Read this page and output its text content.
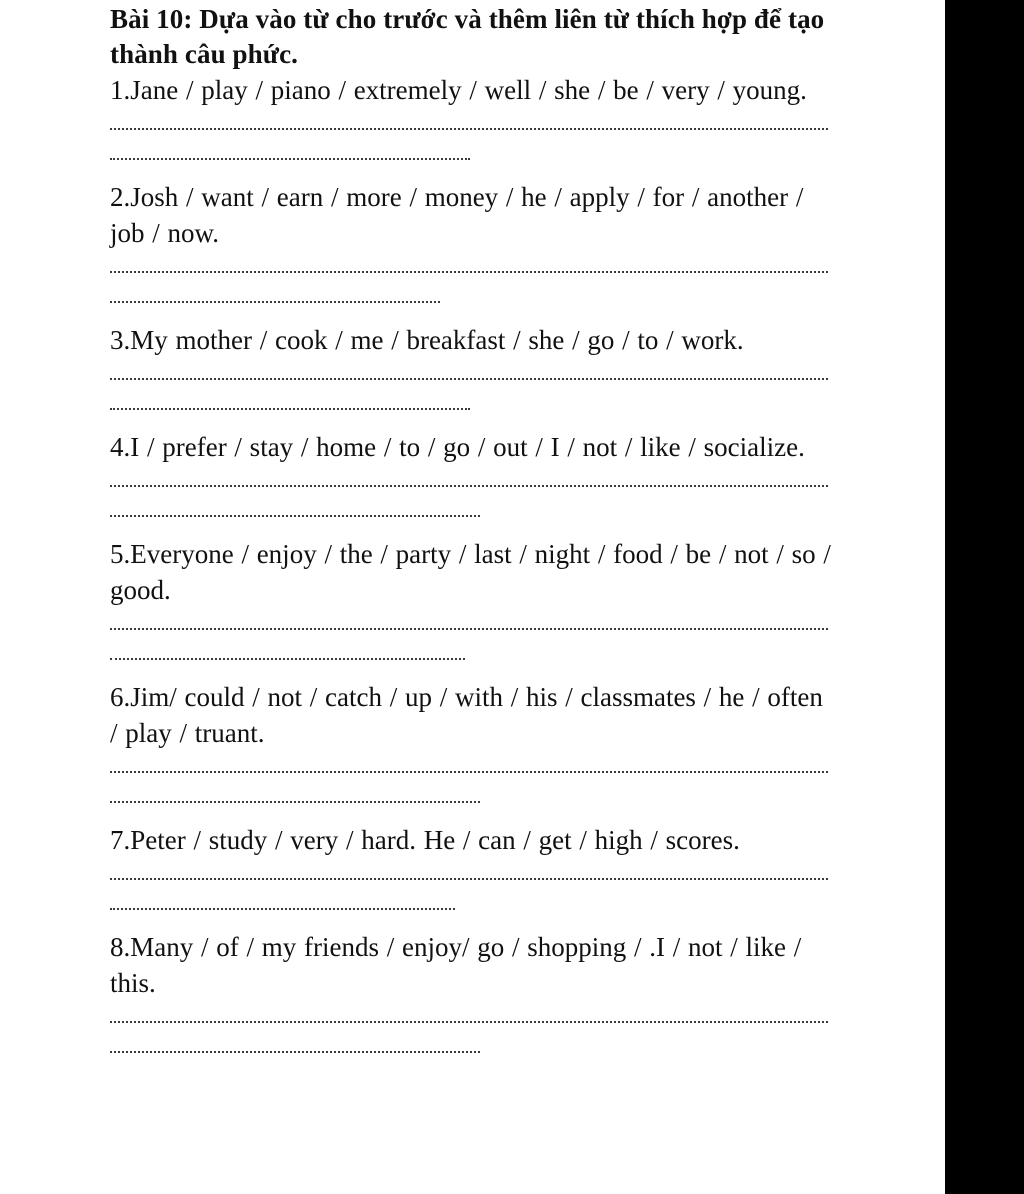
Bài 10: Dựa vào từ cho trước và thêm liên từ thích hợp để tạo thành câu phức.

1.Jane / play / piano / extremely / well / she / be / very / young.

2.Josh / want / earn / more / money / he / apply / for / another / job / now.

3.My mother / cook / me / breakfast / she / go / to / work.

4.I / prefer / stay / home / to / go / out / I / not / like / socialize.

5.Everyone / enjoy / the / party / last / night / food / be / not / so / good.

6.Jim/ could / not / catch / up / with / his / classmates / he / often / play / truant.

7.Peter / study / very / hard. He / can / get / high / scores.

8.Many / of / my friends / enjoy/ go / shopping / .I / not / like / this.
